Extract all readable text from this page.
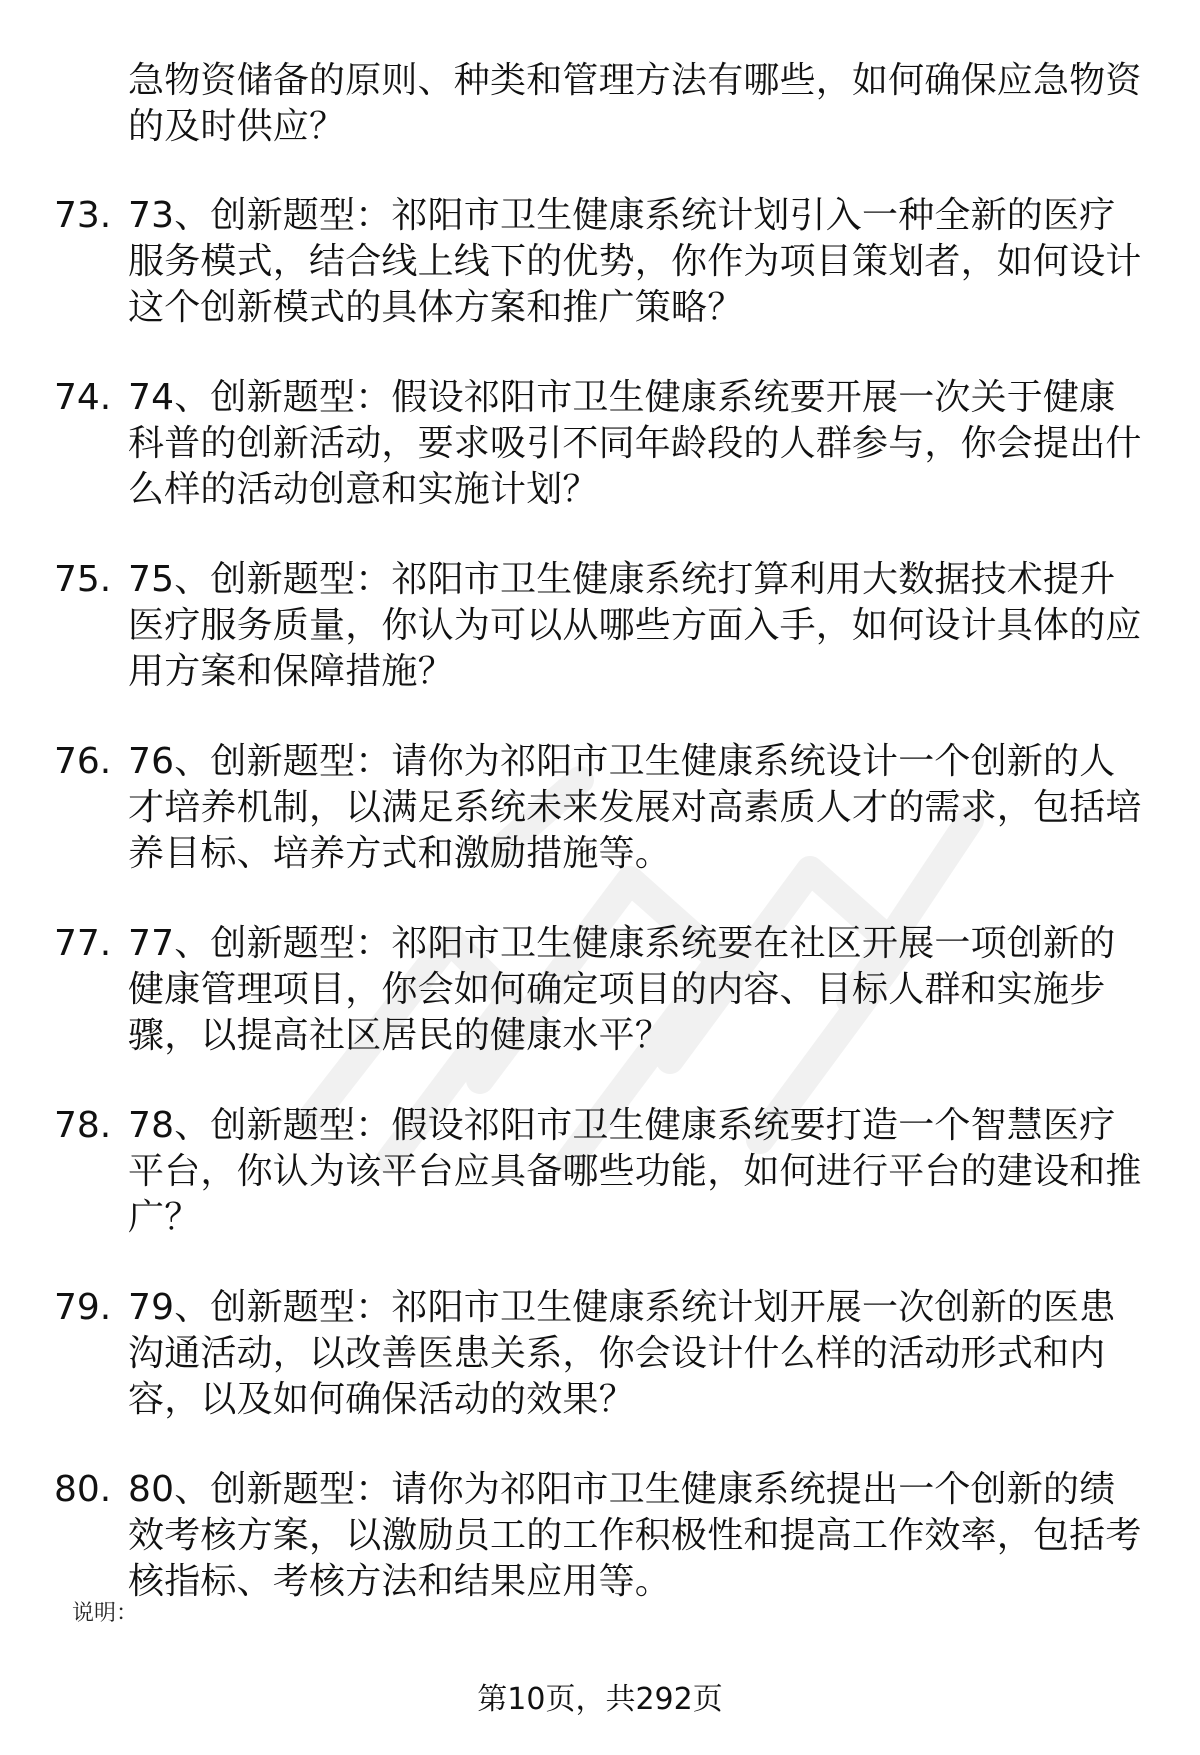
急物资储备的原则、种类和管理方法有哪些，如何确保应急物资的及时供应？
73. 73、创新题型：祁阳市卫生健康系统计划引入一种全新的医疗服务模式，结合线上线下的优势，你作为项目策划者，如何设计这个创新模式的具体方案和推广策略？
74. 74、创新题型：假设祁阳市卫生健康系统要开展一次关于健康科普的创新活动，要求吸引不同年龄段的人群参与，你会提出什么样的活动创意和实施计划？
75. 75、创新题型：祁阳市卫生健康系统打算利用大数据技术提升医疗服务质量，你认为可以从哪些方面入手，如何设计具体的应用方案和保障措施？
76. 76、创新题型：请你为祁阳市卫生健康系统设计一个创新的人才培养机制，以满足系统未来发展对高素质人才的需求，包括培养目标、培养方式和激励措施等。
77. 77、创新题型：祁阳市卫生健康系统要在社区开展一项创新的健康管理项目，你会如何确定项目的内容、目标人群和实施步骤，以提高社区居民的健康水平？
78. 78、创新题型：假设祁阳市卫生健康系统要打造一个智慧医疗平台，你认为该平台应具备哪些功能，如何进行平台的建设和推广？
79. 79、创新题型：祁阳市卫生健康系统计划开展一次创新的医患沟通活动，以改善医患关系，你会设计什么样的活动形式和内容，以及如何确保活动的效果？
80. 80、创新题型：请你为祁阳市卫生健康系统提出一个创新的绩效考核方案，以激励员工的工作积极性和提高工作效率，包括考核指标、考核方法和结果应用等。
说明：
第10页，共292页
